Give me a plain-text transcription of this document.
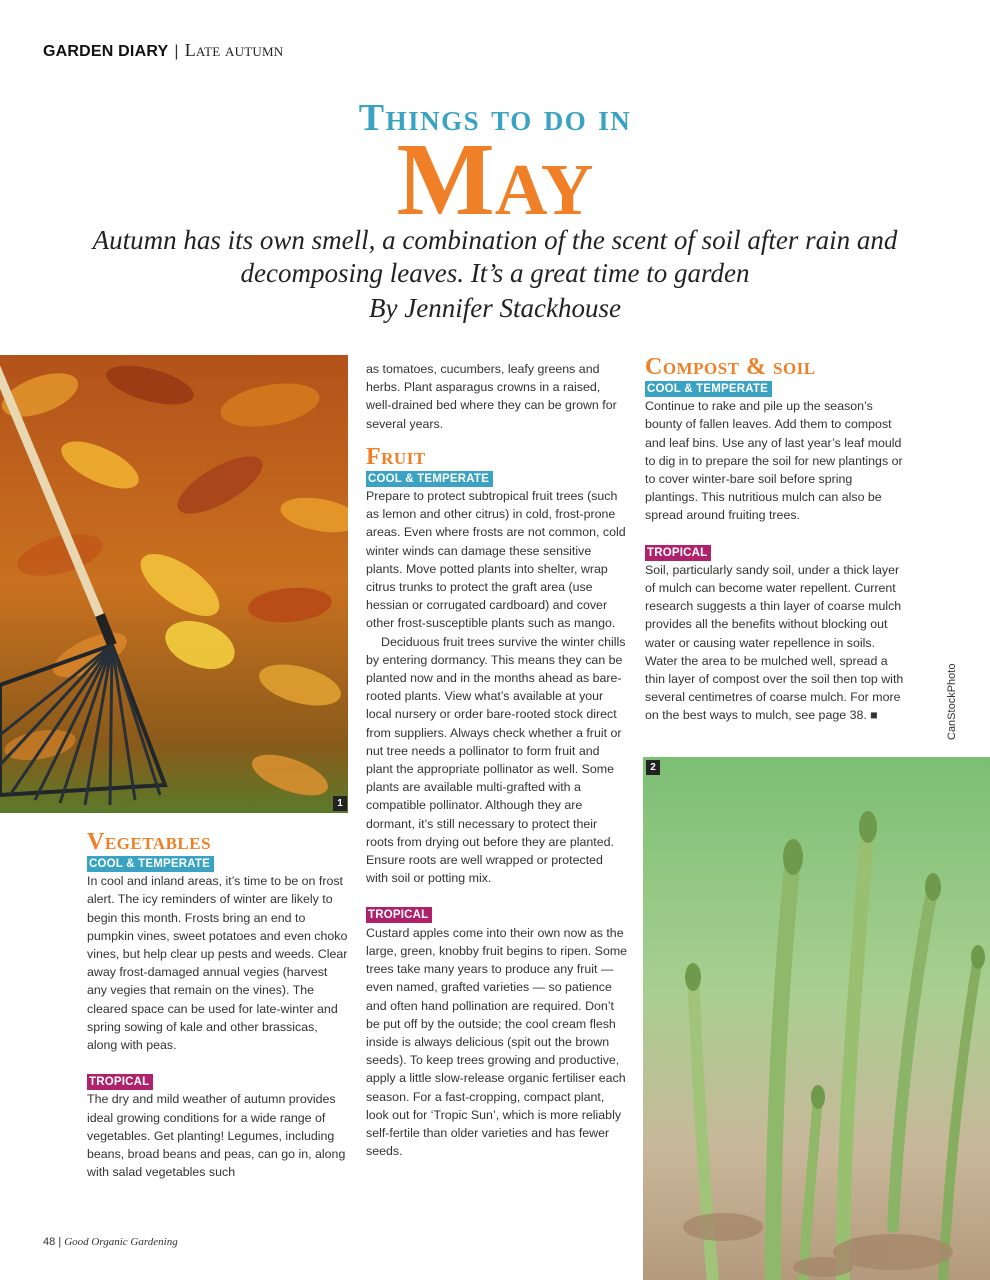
GARDEN DIARY | Late autumn
Things to do in
May
Autumn has its own smell, a combination of the scent of soil after rain and decomposing leaves. It’s a great time to garden
By Jennifer Stackhouse
1
2
CanStockPhoto
Vegetables
COOL & TEMPERATE

In cool and inland areas, it’s time to be on frost alert. The icy reminders of winter are likely to begin this month. Frosts bring an end to pumpkin vines, sweet potatoes and even choko vines, but help clear up pests and weeds. Clear away frost-damaged annual vegies (harvest any vegies that remain on the vines). The cleared space can be used for late-winter and spring sowing of kale and other brassicas, along with peas.

TROPICAL

The dry and mild weather of autumn provides ideal growing conditions for a wide range of vegetables. Get planting! Legumes, including beans, broad beans and peas, can go in, along with salad vegetables such

as tomatoes, cucumbers, leafy greens and herbs. Plant asparagus crowns in a raised, well-drained bed where they can be grown for several years.

Fruit
COOL & TEMPERATE

Prepare to protect subtropical fruit trees (such as lemon and other citrus) in cold, frost-prone areas. Even where frosts are not common, cold winter winds can damage these sensitive plants. Move potted plants into shelter, wrap citrus trunks to protect the graft area (use hessian or corrugated cardboard) and cover other frost-susceptible plants such as mango.

Deciduous fruit trees survive the winter chills by entering dormancy. This means they can be planted now and in the months ahead as bare-rooted plants. View what’s available at your local nursery or order bare-rooted stock direct from suppliers. Always check whether a fruit or nut tree needs a pollinator to form fruit and plant the appropriate pollinator as well. Some plants are available multi-grafted with a compatible pollinator. Although they are dormant, it’s still necessary to protect their roots from drying out before they are planted. Ensure roots are well wrapped or protected with soil or potting mix.

TROPICAL

Custard apples come into their own now as the large, green, knobby fruit begins to ripen. Some trees take many years to produce any fruit — even named, grafted varieties — so patience and often hand pollination are required. Don’t be put off by the outside; the cool cream flesh inside is always delicious (spit out the brown seeds). To keep trees growing and productive, apply a little slow-release organic fertiliser each season. For a fast-cropping, compact plant, look out for ‘Tropic Sun’, which is more reliably self-fertile than older varieties and has fewer seeds.

Compost & soil
COOL & TEMPERATE

Continue to rake and pile up the season’s bounty of fallen leaves. Add them to compost and leaf bins. Use any of last year’s leaf mould to dig in to prepare the soil for new plantings or to cover winter-bare soil before spring plantings. This nutritious mulch can also be spread around fruiting trees.

TROPICAL

Soil, particularly sandy soil, under a thick layer of mulch can become water repellent. Current research suggests a thin layer of coarse mulch provides all the benefits without blocking out water or causing water repellence in soils. Water the area to be mulched well, spread a thin layer of compost over the soil then top with several centimetres of coarse mulch. For more on the best ways to mulch, see page 38. ■

48 | Good Organic Gardening
